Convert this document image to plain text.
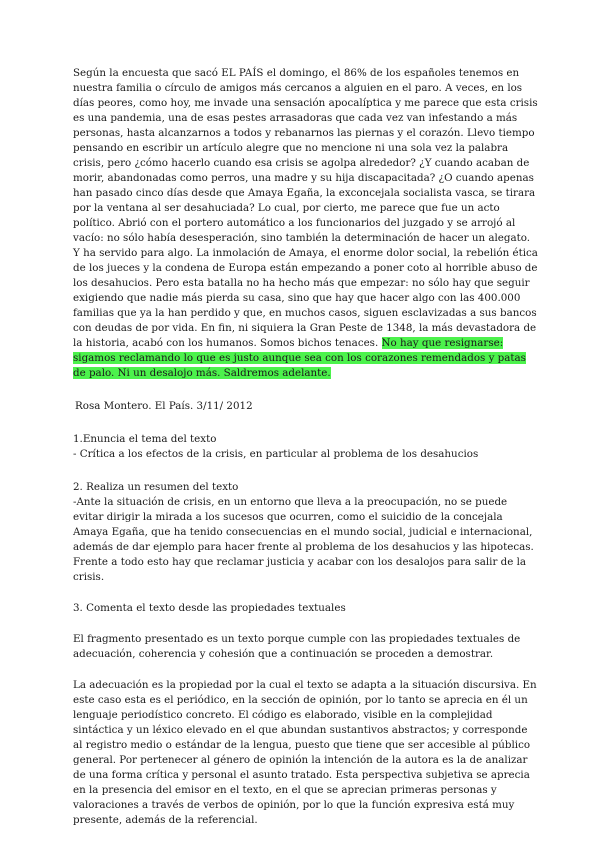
Según la encuesta que sacó EL PAÍS el domingo, el 86% de los españoles tenemos en nuestra familia o círculo de amigos más cercanos a alguien en el paro. A veces, en los días peores, como hoy, me invade una sensación apocalíptica y me parece que esta crisis es una pandemia, una de esas pestes arrasadoras que cada vez van infestando a más personas, hasta alcanzarnos a todos y rebanarnos las piernas y el corazón. Llevo tiempo pensando en escribir un artículo alegre que no mencione ni una sola vez la palabra crisis, pero ¿cómo hacerlo cuando esa crisis se agolpa alrededor? ¿Y cuando acaban de morir, abandonadas como perros, una madre y su hija discapacitada? ¿O cuando apenas han pasado cinco días desde que Amaya Egaña, la exconcejala socialista vasca, se tirara por la ventana al ser desahuciada? Lo cual, por cierto, me parece que fue un acto político. Abrió con el portero automático a los funcionarios del juzgado y se arrojó al vacío: no sólo había desesperación, sino también la determinación de hacer un alegato. Y ha servido para algo. La inmolación de Amaya, el enorme dolor social, la rebelión ética de los jueces y la condena de Europa están empezando a poner coto al horrible abuso de los desahucios. Pero esta batalla no ha hecho más que empezar: no sólo hay que seguir exigiendo que nadie más pierda su casa, sino que hay que hacer algo con las 400.000 familias que ya la han perdido y que, en muchos casos, siguen esclavizadas a sus bancos con deudas de por vida. En fin, ni siquiera la Gran Peste de 1348, la más devastadora de la historia, acabó con los humanos. Somos bichos tenaces. No hay que resignarse: sigamos reclamando lo que es justo aunque sea con los corazones remendados y patas de palo. Ni un desalojo más. Saldremos adelante.

Rosa Montero. El País. 3/11/ 2012

1.Enuncia el tema del texto

- Crítica a los efectos de la crisis, en particular al problema de los desahucios

2. Realiza un resumen del texto

-Ante la situación de crisis, en un entorno que lleva a la preocupación, no se puede evitar dirigir la mirada a los sucesos que ocurren, como el suicidio de la concejala Amaya Egaña, que ha tenido consecuencias en el mundo social, judicial e internacional, además de dar ejemplo para hacer frente al problema de los desahucios y las hipotecas. Frente a todo esto hay que reclamar justicia y acabar con los desalojos para salir de la crisis.

3. Comenta el texto desde las propiedades textuales

El fragmento presentado es un texto porque cumple con las propiedades textuales de adecuación, coherencia y cohesión que a continuación se proceden a demostrar.

La adecuación es la propiedad por la cual el texto se adapta a la situación discursiva. En este caso esta es el periódico, en la sección de opinión, por lo tanto se aprecia en él un lenguaje periodístico concreto. El código es elaborado, visible en la complejidad sintáctica y un léxico elevado en el que abundan sustantivos abstractos; y corresponde al registro medio o estándar de la lengua, puesto que tiene que ser accesible al público general. Por pertenecer al género de opinión la intención de la autora es la de analizar de una forma crítica y personal el asunto tratado. Esta perspectiva subjetiva se aprecia en la presencia del emisor en el texto, en el que se aprecian primeras personas y valoraciones a través de verbos de opinión, por lo que la función expresiva está muy presente, además de la referencial.
